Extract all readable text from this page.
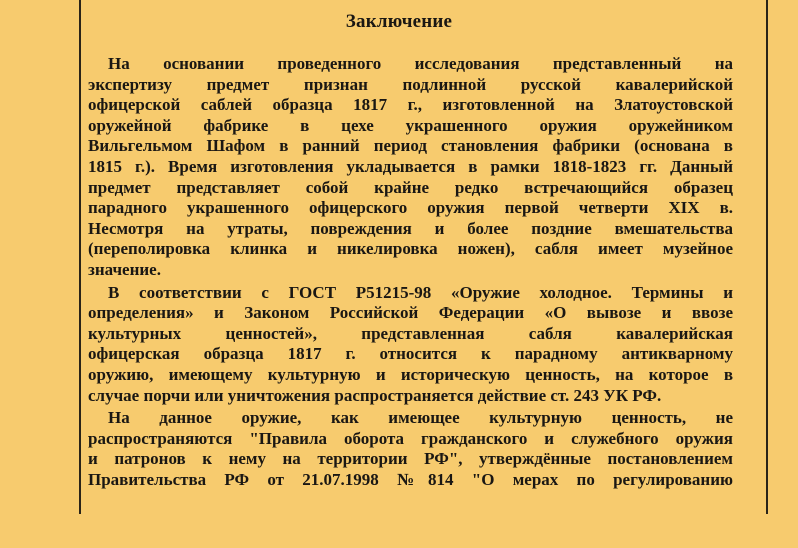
Заключение

На основании проведенного исследования представленный на
экспертизу предмет признан подлинной русской кавалерийской
офицерской саблей образца 1817 г., изготовленной на Златоустовской
оружейной фабрике в цехе украшенного оружия оружейником
Вильгельмом Шафом в ранний период становления фабрики (основана в
1815 г.). Время изготовления укладывается в рамки 1818-1823 гг. Данный
предмет представляет собой крайне редко встречающийся образец
парадного украшенного офицерского оружия первой четверти XIX в.
Несмотря на утраты, повреждения и более поздние вмешательства
(переполировка клинка и никелировка ножен), сабля имеет музейное
значение.

В соответствии с ГОСТ Р51215-98 «Оружие холодное. Термины и
определения» и Законом Российской Федерации «О вывозе и ввозе
культурных ценностей», представленная сабля кавалерийская
офицерская образца 1817 г. относится к парадному антикварному
оружию, имеющему культурную и историческую ценность, на которое в
случае порчи или уничтожения распространяется действие ст. 243 УК РФ.

На данное оружие, как имеющее культурную ценность, не
распространяются "Правила оборота гражданского и служебного оружия
и патронов к нему на территории РФ", утверждённые постановлением
Правительства РФ от 21.07.1998 №814 "О мерах по регулированию
